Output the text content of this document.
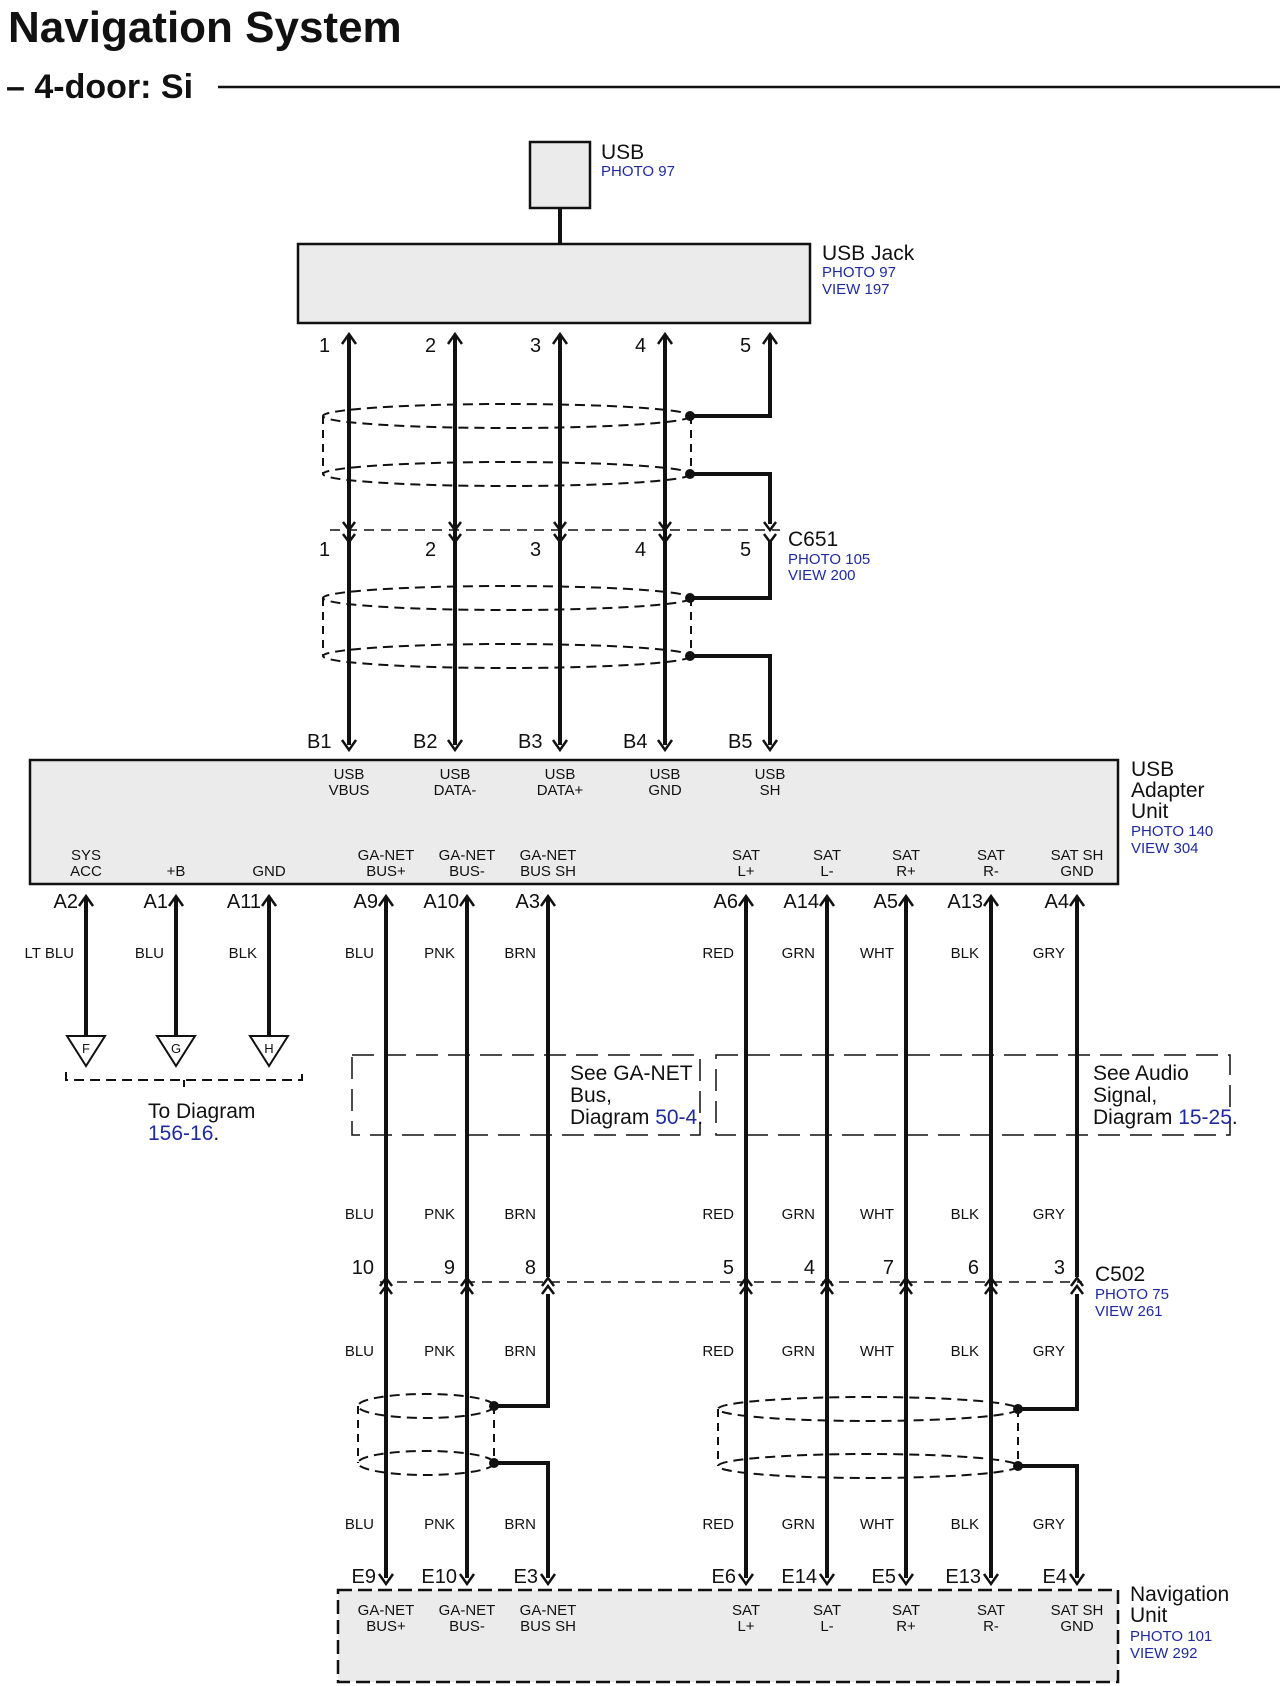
Navigation System
– 4-door: Si
USB
PHOTO 97
USB Jack
PHOTO 97
VIEW 197
1	2	3	4	5
C651
PHOTO 105
VIEW 200
1	2	3	4	5
USB
Adapter
Unit
PHOTO 140
VIEW 304
B1
USB
VBUS
B2
USB
DATA-
B3
USB
DATA+
B4
USB
GND
B5
USB
SH
SYS
ACC
A2
LT BLU
+B
A1
BLU
GND
A11
BLK
GA-NET
BUS+
A9
BLU
GA-NET
BUS-
A10
PNK
GA-NET
BUS SH
A3
BRN
SAT
L+
A6
RED
SAT
L-
A14
GRN
SAT
R+
A5
WHT
SAT
R-
A13
BLK
SAT SH
GND
A4
GRY
F	G	H
To Diagram
156-16.
See GA-NET
Bus,
Diagram 50-4.
See Audio
Signal,
Diagram 15-25.
BLU
BLU
BLU
PNK
PNK
PNK
BRN
BRN
BRN
RED
RED
RED
GRN
GRN
GRN
WHT
WHT
WHT
BLK
BLK
BLK
GRY
GRY
GRY
C502
PHOTO 75
VIEW 261
10	9	8	5	4	7	6	3
Navigation
Unit
PHOTO 101
VIEW 292
E9
GA-NET
BUS+
E10
GA-NET
BUS-
E3
GA-NET
BUS SH
E6
SAT
L+
E14
SAT
L-
E5
SAT
R+
E13
SAT
R-
E4
SAT SH
GND
